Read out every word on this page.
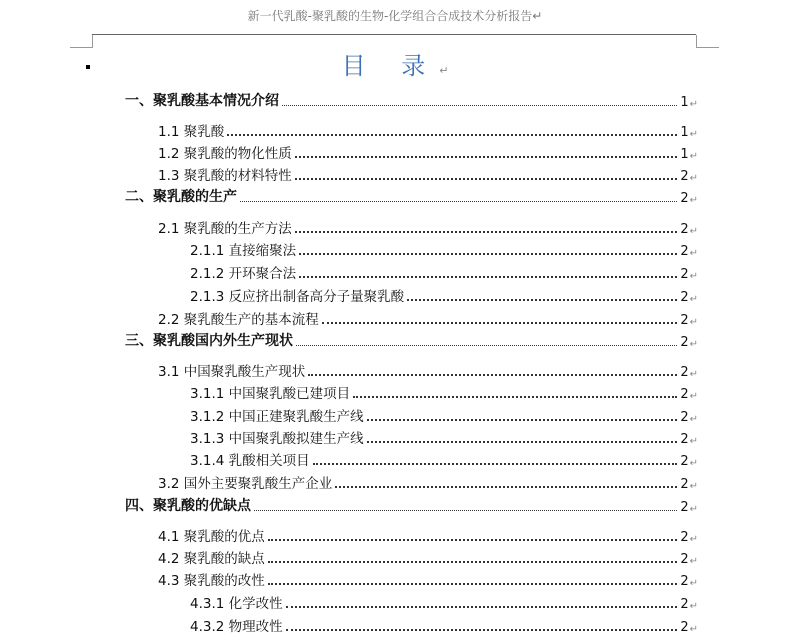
新一代乳酸-聚乳酸的生物-化学组合合成技术分析报告↵
目 录↵
一、聚乳酸基本情况介绍	1 ↵
1.1 聚乳酸	1 ↵
1.2 聚乳酸的物化性质	1 ↵
1.3 聚乳酸的材料特性	2 ↵
二、聚乳酸的生产	2 ↵
2.1 聚乳酸的生产方法	2 ↵
2.1.1 直接缩聚法	2 ↵
2.1.2 开环聚合法	2 ↵
2.1.3 反应挤出制备高分子量聚乳酸	2 ↵
2.2 聚乳酸生产的基本流程	2 ↵
三、聚乳酸国内外生产现状	2 ↵
3.1 中国聚乳酸生产现状	2 ↵
3.1.1 中国聚乳酸已建项目	2 ↵
3.1.2 中国正建聚乳酸生产线	2 ↵
3.1.3 中国聚乳酸拟建生产线	2 ↵
3.1.4 乳酸相关项目	2 ↵
3.2 国外主要聚乳酸生产企业	2 ↵
四、聚乳酸的优缺点	2 ↵
4.1 聚乳酸的优点	2 ↵
4.2 聚乳酸的缺点	2 ↵
4.3 聚乳酸的改性	2 ↵
4.3.1 化学改性	2 ↵
4.3.2 物理改性	2 ↵
